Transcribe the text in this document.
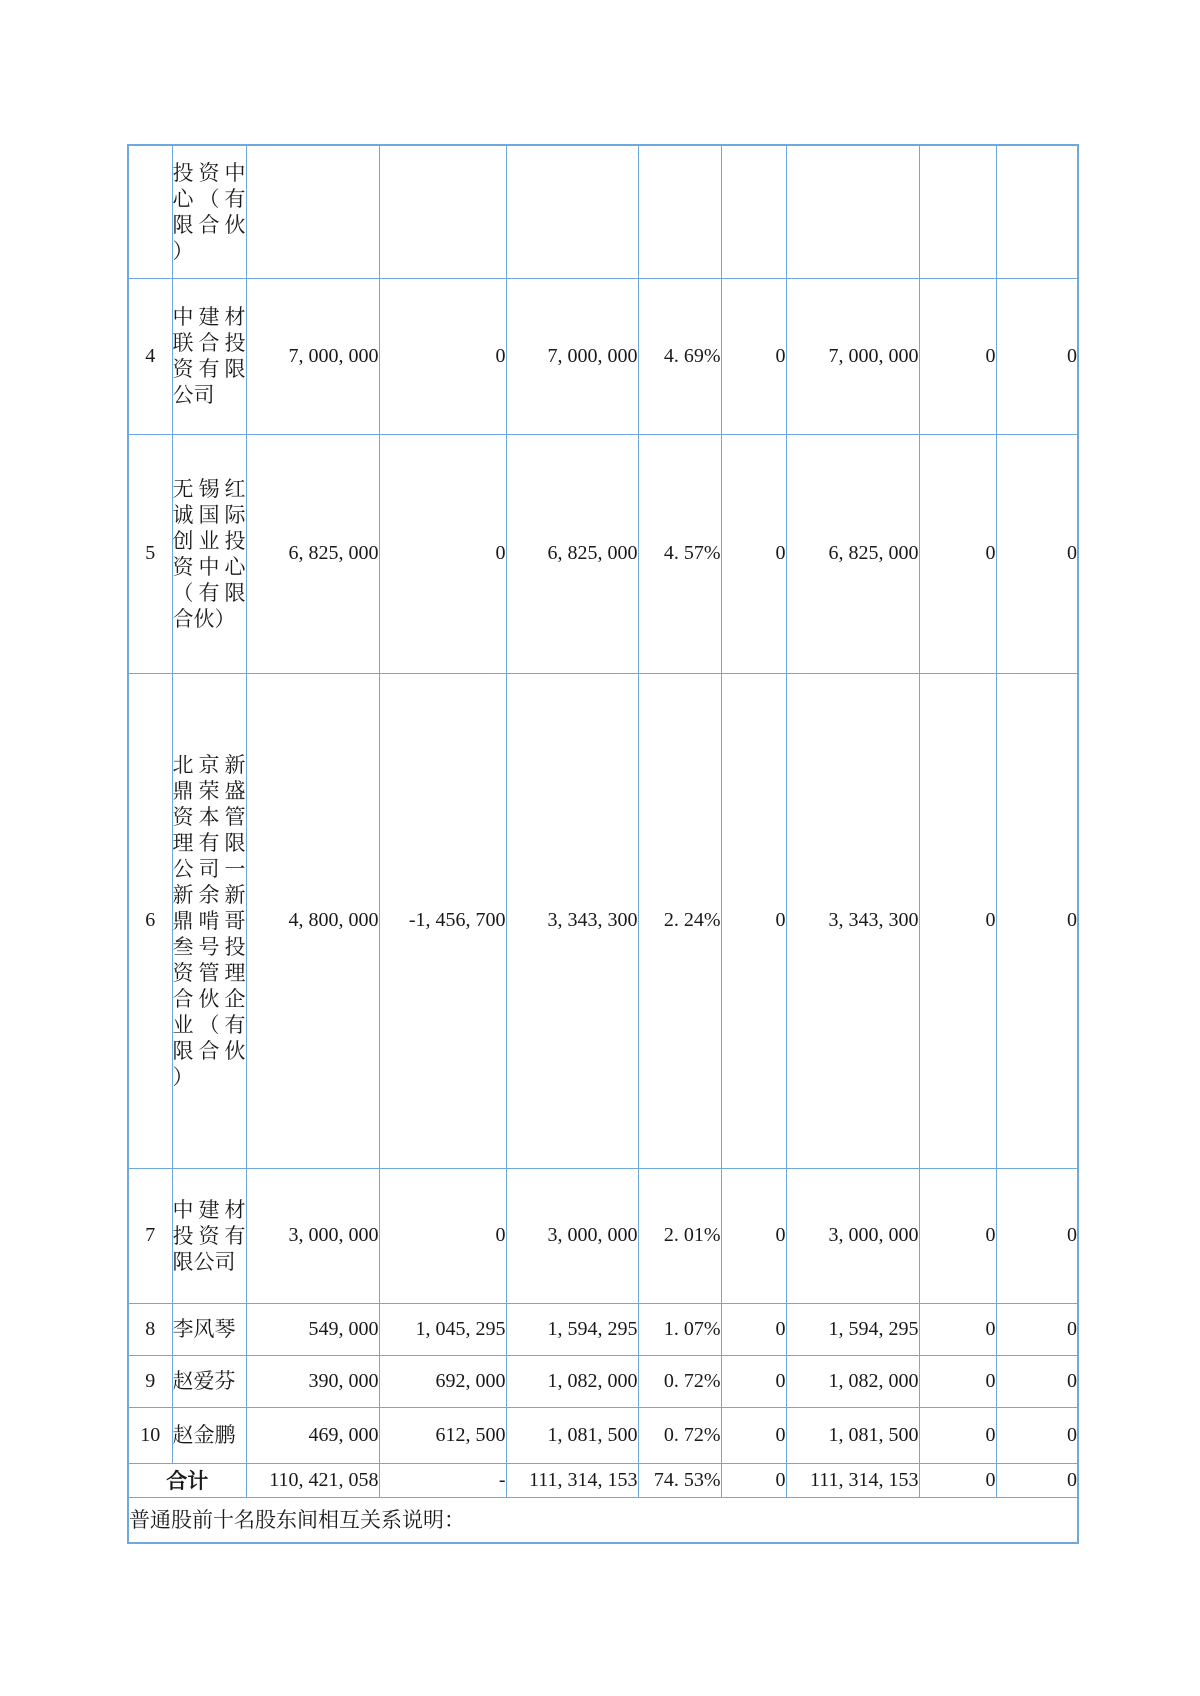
	投资中心（有限合伙）								
4	中建材联合投资有限公司	7, 000, 000	0	7, 000, 000	4. 69%	0	7, 000, 000	0	0
5	无锡红诚国际创业投资中心（有限合伙）	6, 825, 000	0	6, 825, 000	4. 57%	0	6, 825, 000	0	0
6	北京新鼎荣盛资本管理有限公司一新余新鼎啃哥叁号投资管理合伙企业（有限合伙）	4, 800, 000	-1, 456, 700	3, 343, 300	2. 24%	0	3, 343, 300	0	0
7	中建材投资有限公司	3, 000, 000	0	3, 000, 000	2. 01%	0	3, 000, 000	0	0
8	李风琴	549, 000	1, 045, 295	1, 594, 295	1. 07%	0	1, 594, 295	0	0
9	赵爱芬	390, 000	692, 000	1, 082, 000	0. 72%	0	1, 082, 000	0	0
10	赵金鹏	469, 000	612, 500	1, 081, 500	0. 72%	0	1, 081, 500	0	0
合计		110, 421, 058	-	111, 314, 153	74. 53%	0	111, 314, 153	0	0
普通股前十名股东间相互关系说明：									
